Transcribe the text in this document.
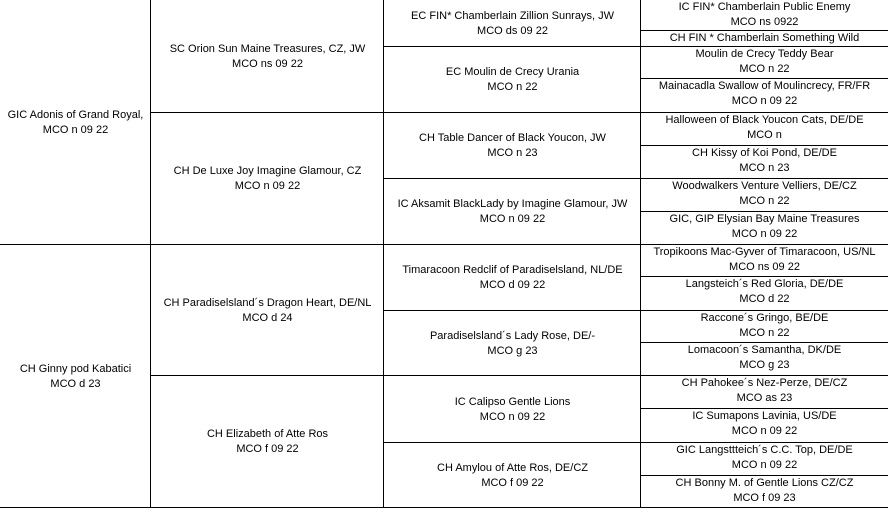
GIC Adonis of Grand Royal,
MCO n 09 22
CH Ginny pod Kabatici
MCO d 23
SC Orion Sun Maine Treasures, CZ, JW
MCO ns 09 22
CH De Luxe Joy Imagine Glamour, CZ
MCO n 09 22
CH Paradiselsland´s Dragon Heart, DE/NL
MCO d 24
CH Elizabeth of Atte Ros
MCO f 09 22
EC FIN* Chamberlain Zillion Sunrays, JW
MCO ds 09 22
EC Moulin de Crecy Urania
MCO n 22
CH Table Dancer of Black Youcon, JW
MCO n 23
IC Aksamit BlackLady by Imagine Glamour, JW
MCO n 09 22
Timaracoon Redclif of Paradiselsland, NL/DE
MCO d 09 22
Paradiselsland´s Lady Rose, DE/-
MCO g 23
IC Calipso Gentle Lions
MCO n 09 22
CH Amylou of Atte Ros, DE/CZ
MCO f 09 22
IC FIN* Chamberlain Public Enemy
MCO ns 0922
CH FIN * Chamberlain Something Wild
Moulin de Crecy Teddy Bear
MCO n 22
Mainacadla Swallow of Moulincrecy, FR/FR
MCO n 09 22
Halloween of Black Youcon Cats, DE/DE
MCO n
CH Kissy of Koi Pond, DE/DE
MCO n 23
Woodwalkers Venture Velliers, DE/CZ
MCO n 22
GIC, GIP Elysian Bay Maine Treasures
MCO n 09 22
Tropikoons Mac-Gyver of Timaracoon, US/NL
MCO ns 09 22
Langsteich´s Red Gloria, DE/DE
MCO d 22
Raccone´s Gringo, BE/DE
MCO n 22
Lomacoon´s Samantha, DK/DE
MCO g 23
CH Pahokee´s Nez-Perze, DE/CZ
MCO as 23
IC Sumapons Lavinia, US/DE
MCO n 09 22
GIC Langsttteich´s C.C. Top, DE/DE
MCO n 09 22
CH Bonny M. of Gentle Lions CZ/CZ
MCO f 09 23
